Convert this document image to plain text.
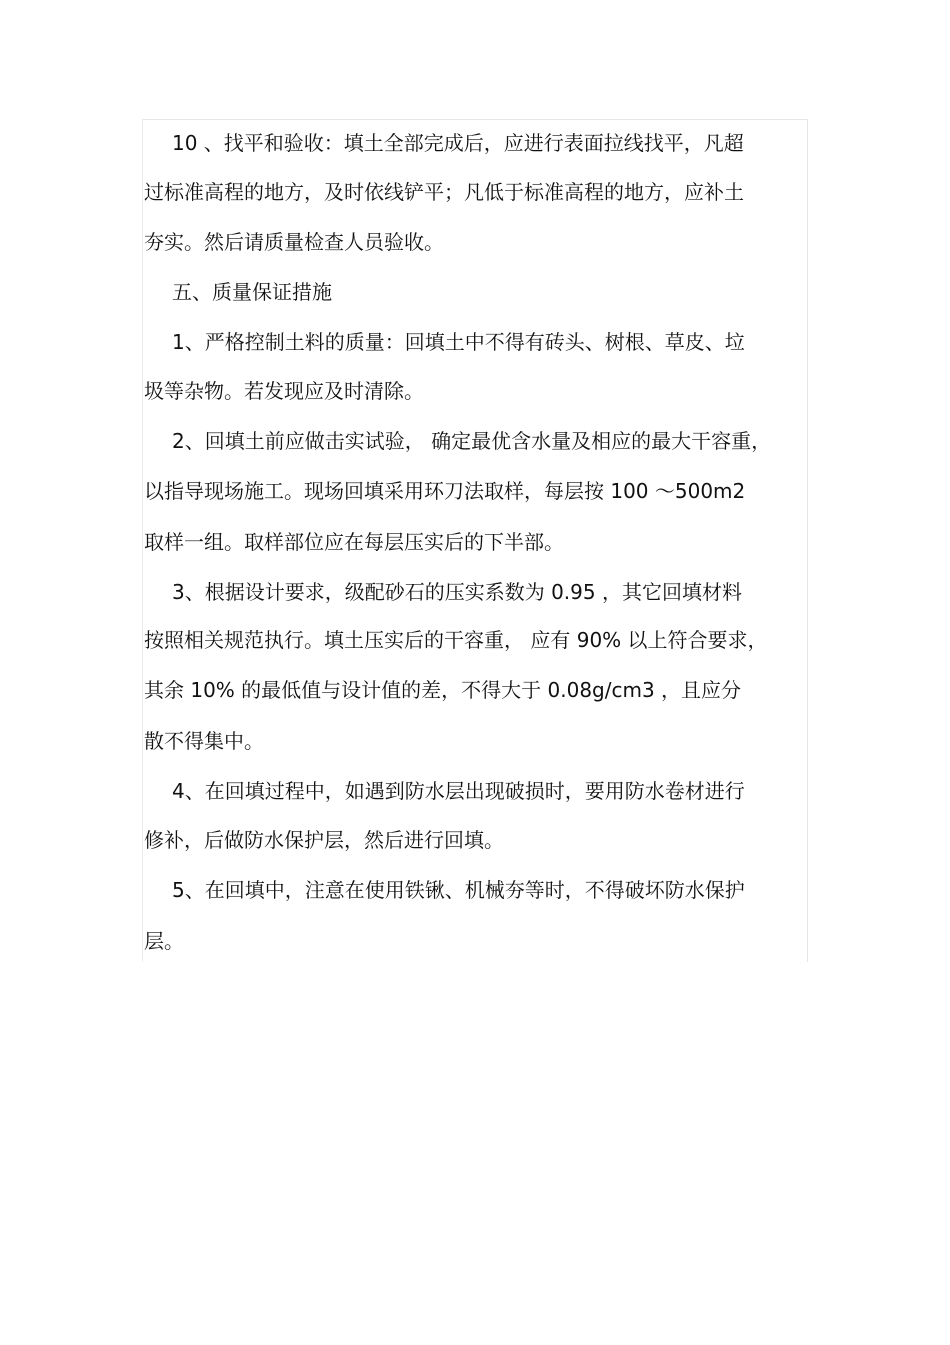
10 、找平和验收：填土全部完成后，应进行表面拉线找平，凡超
过标准高程的地方，及时依线铲平；凡低于标准高程的地方，应补土
夯实。然后请质量检查人员验收。
五、质量保证措施
1、严格控制土料的质量：回填土中不得有砖头、树根、草皮、垃
圾等杂物。若发现应及时清除。
2、回填土前应做击实试验， 确定最优含水量及相应的最大干容重，
以指导现场施工。现场回填采用环刀法取样，每层按 100 ～500m2
取样一组。取样部位应在每层压实后的下半部。
3、根据设计要求，级配砂石的压实系数为 0.95 ，其它回填材料
按照相关规范执行。填土压实后的干容重， 应有 90% 以上符合要求，
其余 10% 的最低值与设计值的差，不得大于 0.08g/cm3 ，且应分
散不得集中。
4、在回填过程中，如遇到防水层出现破损时，要用防水卷材进行
修补，后做防水保护层，然后进行回填。
5、在回填中，注意在使用铁锹、机械夯等时，不得破坏防水保护
层。
